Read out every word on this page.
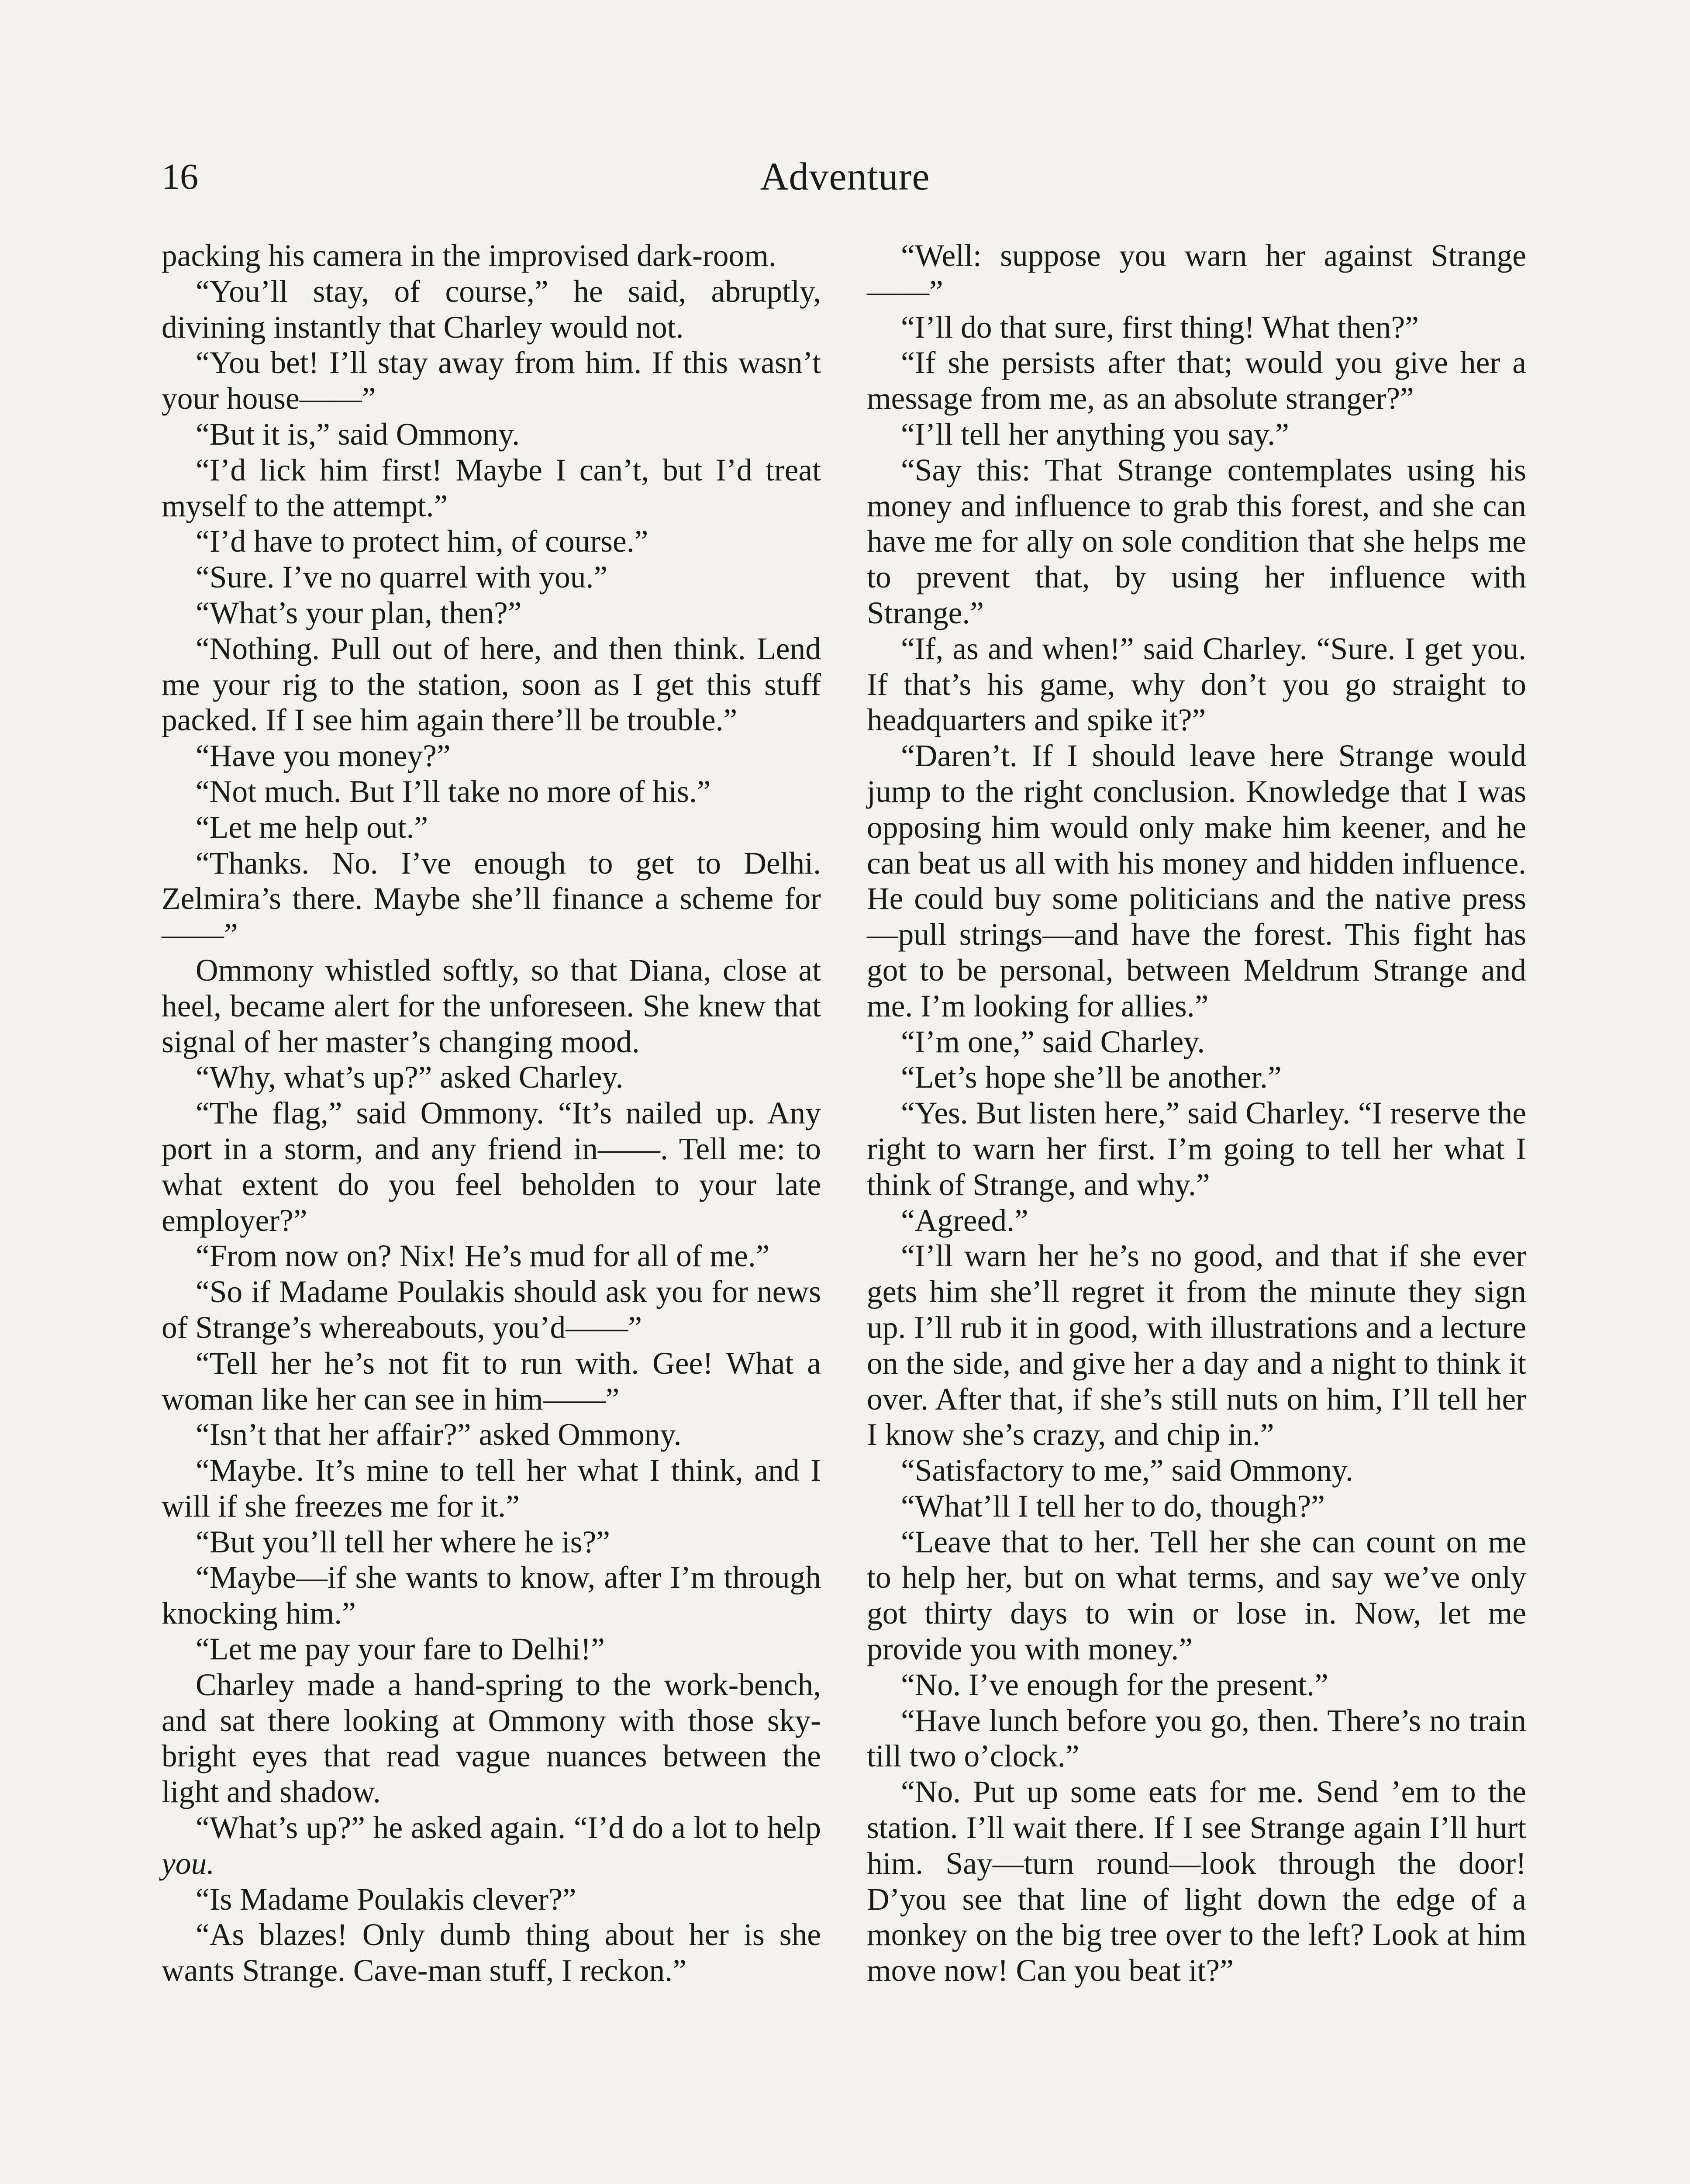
16	Adventure

packing his camera in the improvised dark-room.

“You’ll stay, of course,” he said, abruptly, divining instantly that Charley would not.

“You bet! I’ll stay away from him. If this wasn’t your house——”

“But it is,” said Ommony.

“I’d lick him first! Maybe I can’t, but I’d treat myself to the attempt.”

“I’d have to protect him, of course.”

“Sure. I’ve no quarrel with you.”

“What’s your plan, then?”

“Nothing. Pull out of here, and then think. Lend me your rig to the station, soon as I get this stuff packed. If I see him again there’ll be trouble.”

“Have you money?”

“Not much. But I’ll take no more of his.”

“Let me help out.”

“Thanks. No. I’ve enough to get to Delhi. Zelmira’s there. Maybe she’ll finance a scheme for——”

Ommony whistled softly, so that Diana, close at heel, became alert for the unforeseen. She knew that signal of her master’s changing mood.

“Why, what’s up?” asked Charley.

“The flag,” said Ommony. “It’s nailed up. Any port in a storm, and any friend in——. Tell me: to what extent do you feel beholden to your late employer?”

“From now on? Nix! He’s mud for all of me.”

“So if Madame Poulakis should ask you for news of Strange’s whereabouts, you’d——”

“Tell her he’s not fit to run with. Gee! What a woman like her can see in him——”

“Isn’t that her affair?” asked Ommony.

“Maybe. It’s mine to tell her what I think, and I will if she freezes me for it.”

“But you’ll tell her where he is?”

“Maybe—if she wants to know, after I’m through knocking him.”

“Let me pay your fare to Delhi!”

Charley made a hand-spring to the work-bench, and sat there looking at Ommony with those sky-bright eyes that read vague nuances between the light and shadow.

“What’s up?” he asked again. “I’d do a lot to help you.

“Is Madame Poulakis clever?”

“As blazes! Only dumb thing about her is she wants Strange. Cave-man stuff, I reckon.”

“Well: suppose you warn her against Strange——”

“I’ll do that sure, first thing! What then?”

“If she persists after that; would you give her a message from me, as an absolute stranger?”

“I’ll tell her anything you say.”

“Say this: That Strange contemplates using his money and influence to grab this forest, and she can have me for ally on sole condition that she helps me to prevent that, by using her influence with Strange.”

“If, as and when!” said Charley. “Sure. I get you. If that’s his game, why don’t you go straight to headquarters and spike it?”

“Daren’t. If I should leave here Strange would jump to the right conclusion. Knowledge that I was opposing him would only make him keener, and he can beat us all with his money and hidden influence. He could buy some politicians and the native press—pull strings—and have the forest. This fight has got to be personal, between Meldrum Strange and me. I’m looking for allies.”

“I’m one,” said Charley.

“Let’s hope she’ll be another.”

“Yes. But listen here,” said Charley. “I reserve the right to warn her first. I’m going to tell her what I think of Strange, and why.”

“Agreed.”

“I’ll warn her he’s no good, and that if she ever gets him she’ll regret it from the minute they sign up. I’ll rub it in good, with illustrations and a lecture on the side, and give her a day and a night to think it over. After that, if she’s still nuts on him, I’ll tell her I know she’s crazy, and chip in.”

“Satisfactory to me,” said Ommony.

“What’ll I tell her to do, though?”

“Leave that to her. Tell her she can count on me to help her, but on what terms, and say we’ve only got thirty days to win or lose in. Now, let me provide you with money.”

“No. I’ve enough for the present.”

“Have lunch before you go, then. There’s no train till two o’clock.”

“No. Put up some eats for me. Send ’em to the station. I’ll wait there. If I see Strange again I’ll hurt him. Say—turn round—look through the door! D’you see that line of light down the edge of a monkey on the big tree over to the left? Look at him move now! Can you beat it?”
